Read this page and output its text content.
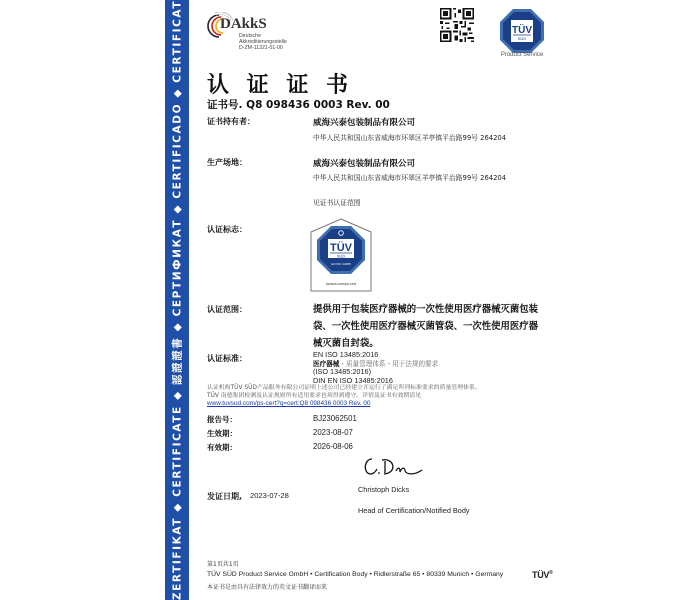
ZERTIFIKAT ◆ CERTIFICATE ◆ 認證證書 ◆ СЕРТИФИКАТ ◆ CERTIFICADO ◆ CERTIFICAT DAkkS
Deutsche
Akkreditierungsstelle
D-ZM-11321-01-00
TÜV
SÜD
Product Service
认 证 证 书
证书号. Q8 098436 0003 Rev. 00
证书持有者：	威海兴泰包装制品有限公司
中华人民共和国山东省威海市环翠区羊亭镇平治路99号 264204
生产场地：	威海兴泰包装制品有限公司
中华人民共和国山东省威海市环翠区羊亭镇平治路99号 264204
见证书认证范围
认证标志：
TÜV
SÜD
EN ISO 13485
tuvsud.com/ps-cert
认证范围：	提供用于包装医疗器械的一次性使用医疗器械灭菌包装袋、一次性使用医疗器械灭菌管袋、一次性使用医疗器械灭菌自封袋。
认证标准：	EN ISO 13485:2016
医疗器械 - 质量管理体系 - 用于法规的要求
(ISO 13485:2016)
DIN EN ISO 13485:2016
认证机构TÜV SÜD产品服务有限公司证明上述公司已经建立并运行了满足所列标准要求的质量管理体系。
TÜV 南德集团检测及认证规则所有适用要求也须得到遵守。详情及证书有效期请见
www.tuvsud.com/ps-cert?q=cert:Q8 098436 0003 Rev. 00
报告号：	BJ23062501
生效期：	2023-08-07
有效期：	2026-08-06
Christoph Dicks
Head of Certification/Notified Body
发证日期, 2023-07-28
第1页共1页
TÜV SÜD Product Service GmbH • Certification Body • Ridlerstraße 65 • 80339 Munich • Germany
本证书是由具有法律效力的英文证书翻译而来
TÜV®
